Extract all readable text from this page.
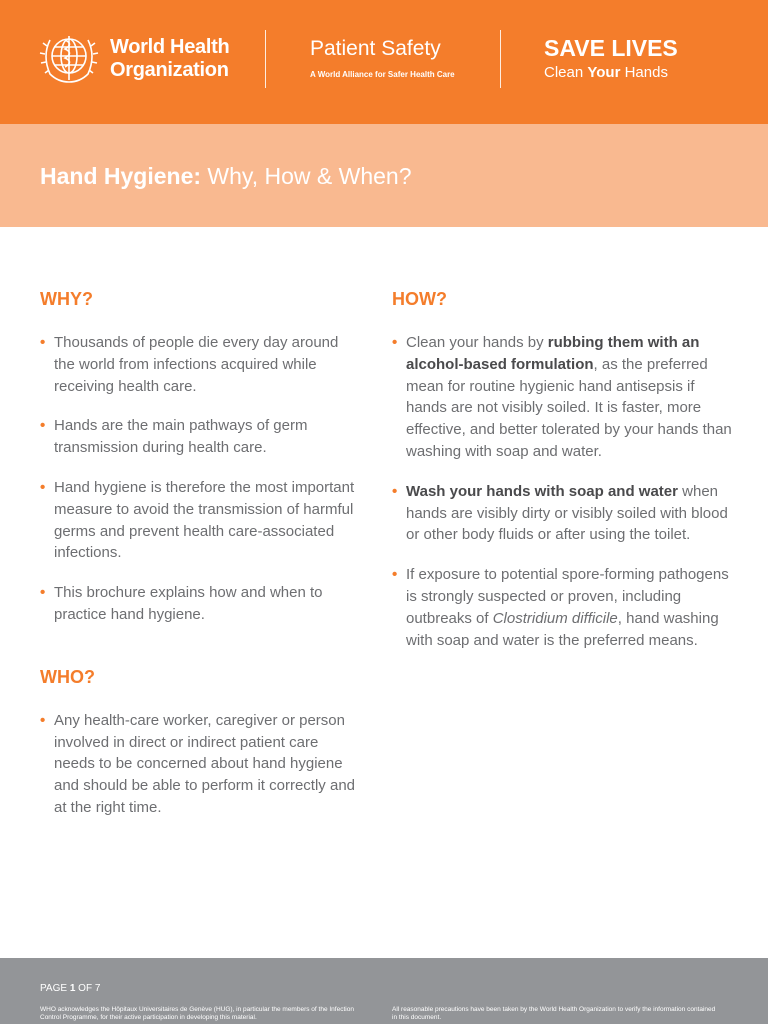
World Health
Organization
Patient Safety
A World Alliance for Safer Health Care
SAVE LIVES
Clean Your Hands
Hand Hygiene: Why, How & When?
WHY?
• Thousands of people die every day around the world from infections acquired while receiving health care.
• Hands are the main pathways of germ transmission during health care.
• Hand hygiene is therefore the most important measure to avoid the transmission of harmful germs and prevent health care-associated infections.
• This brochure explains how and when to practice hand hygiene.
WHO?
• Any health-care worker, caregiver or person involved in direct or indirect patient care needs to be concerned about hand hygiene and should be able to perform it correctly and at the right time.
HOW?
• Clean your hands by rubbing them with an alcohol-based formulation, as the preferred mean for routine hygienic hand antisepsis if hands are not visibly soiled. It is faster, more effective, and better tolerated by your hands than washing with soap and water.
• Wash your hands with soap and water when hands are visibly dirty or visibly soiled with blood or other body fluids or after using the toilet.
• If exposure to potential spore-forming pathogens is strongly suspected or proven, including outbreaks of Clostridium difficile, hand washing with soap and water is the preferred means.
PAGE 1 OF 7

WHO acknowledges the Hôpitaux Universitaires de Genève (HUG), in particular the members of the Infection Control Programme, for their active participation in developing this material.

All reasonable precautions have been taken by the World Health Organization to verify the information contained in this document.
